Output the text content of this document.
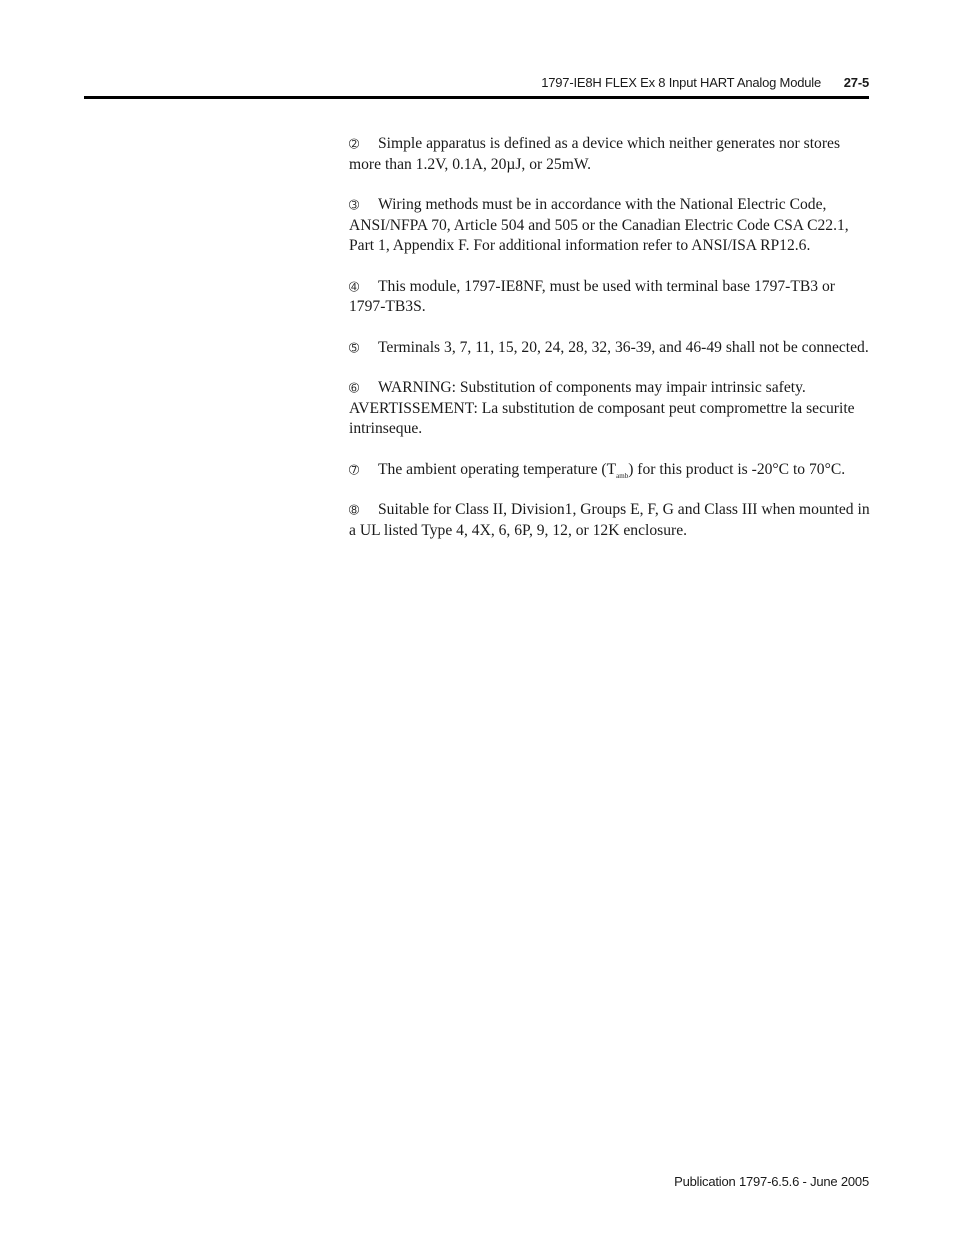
1797-IE8H FLEX Ex 8 Input HART Analog Module 27-5

➁ Simple apparatus is defined as a device which neither generates nor stores more than 1.2V, 0.1A, 20µJ, or 25mW.

➂ Wiring methods must be in accordance with the National Electric Code, ANSI/NFPA 70, Article 504 and 505 or the Canadian Electric Code CSA C22.1, Part 1, Appendix F. For additional information refer to ANSI/ISA RP12.6.

➃ This module, 1797-IE8NF, must be used with terminal base 1797-TB3 or 1797-TB3S.

➄ Terminals 3, 7, 11, 15, 20, 24, 28, 32, 36-39, and 46-49 shall not be connected.

➅ WARNING: Substitution of components may impair intrinsic safety. AVERTISSEMENT: La substitution de composant peut compromettre la securite intrinseque.

➆ The ambient operating temperature $(T_{amb})$ for this product is -20°C to 70°C.

➇ Suitable for Class II, Division1, Groups E, F, G and Class III when mounted in a UL listed Type 4, 4X, 6, 6P, 9, 12, or 12K enclosure.

Publication 1797-6.5.6 - June 2005
